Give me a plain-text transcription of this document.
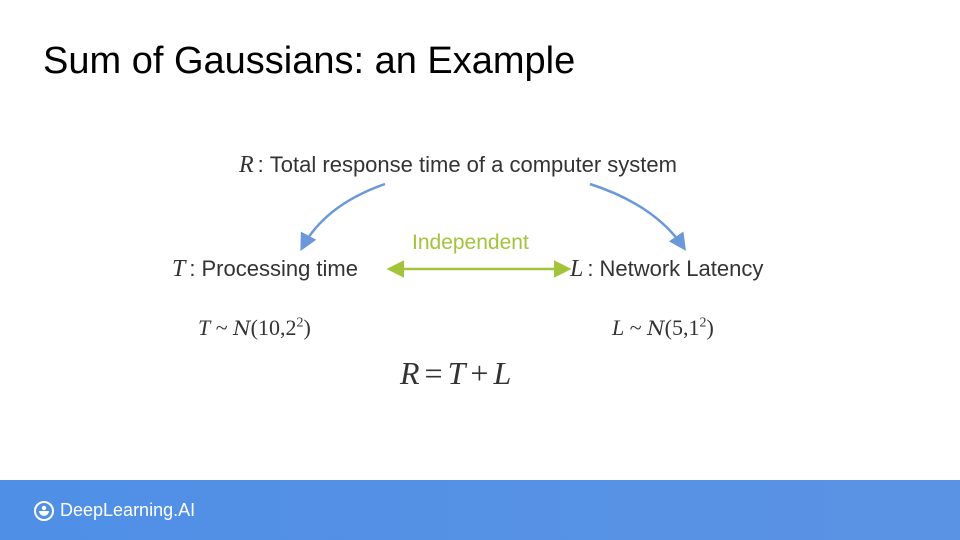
Sum of Gaussians: an Example
R : Total response time of a computer system
Independent
T : Processing time	L : Network Latency
T ~ N(10,2$^2$)	L ~ $N(5,1^2)$
R = T + L
DeepLearning.AI
